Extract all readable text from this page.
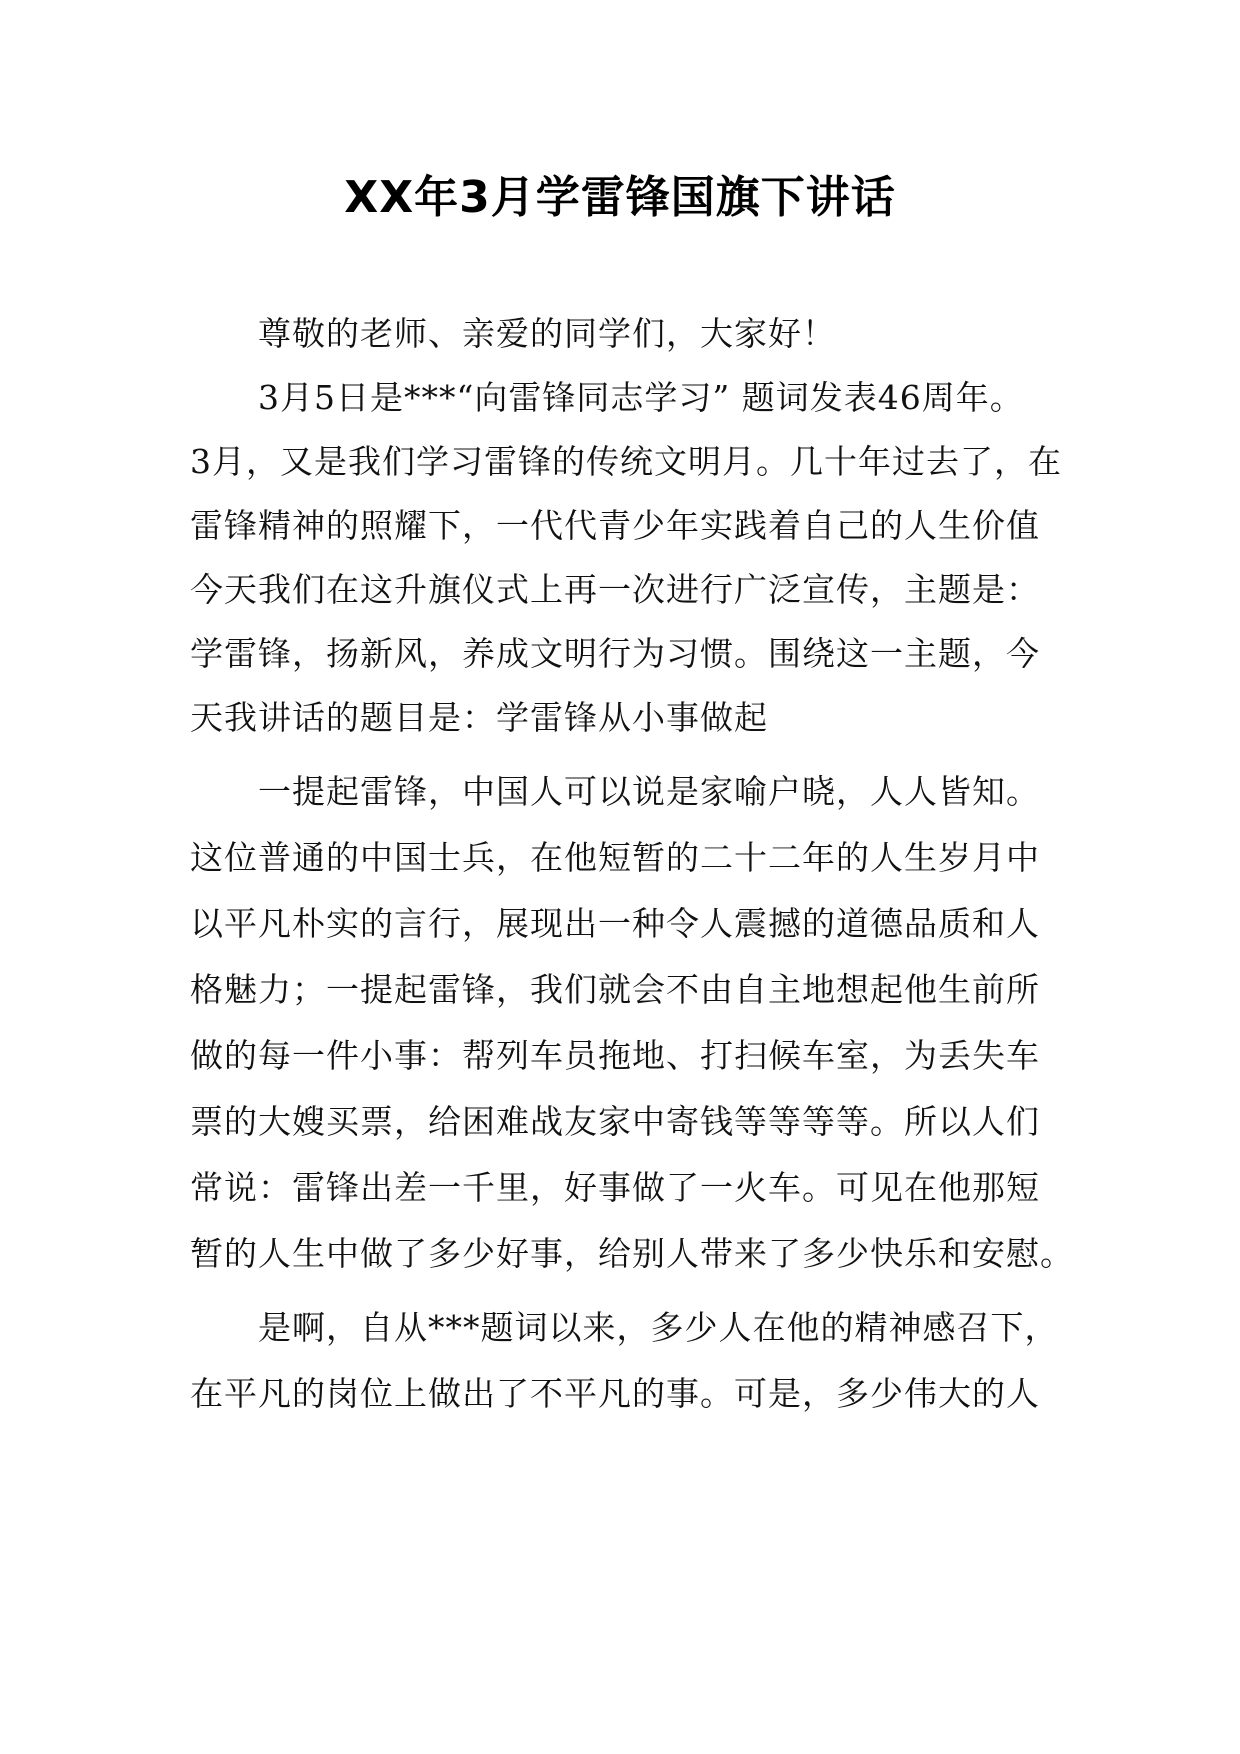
XX年3月学雷锋国旗下讲话
尊敬的老师、亲爱的同学们，大家好！
3月5日是***“向雷锋同志学习” 题词发表46周年。
3月，又是我们学习雷锋的传统文明月。几十年过去了，在
雷锋精神的照耀下，一代代青少年实践着自己的人生价值
今天我们在这升旗仪式上再一次进行广泛宣传，主题是：
学雷锋，扬新风，养成文明行为习惯。围绕这一主题，今
天我讲话的题目是：学雷锋从小事做起
一提起雷锋，中国人可以说是家喻户晓，人人皆知。
这位普通的中国士兵，在他短暂的二十二年的人生岁月中
以平凡朴实的言行，展现出一种令人震撼的道德品质和人
格魅力；一提起雷锋，我们就会不由自主地想起他生前所
做的每一件小事：帮列车员拖地、打扫候车室，为丢失车
票的大嫂买票，给困难战友家中寄钱等等等等。所以人们
常说：雷锋出差一千里，好事做了一火车。可见在他那短
暂的人生中做了多少好事，给别人带来了多少快乐和安慰。
是啊，自从***题词以来，多少人在他的精神感召下，
在平凡的岗位上做出了不平凡的事。可是，多少伟大的人
